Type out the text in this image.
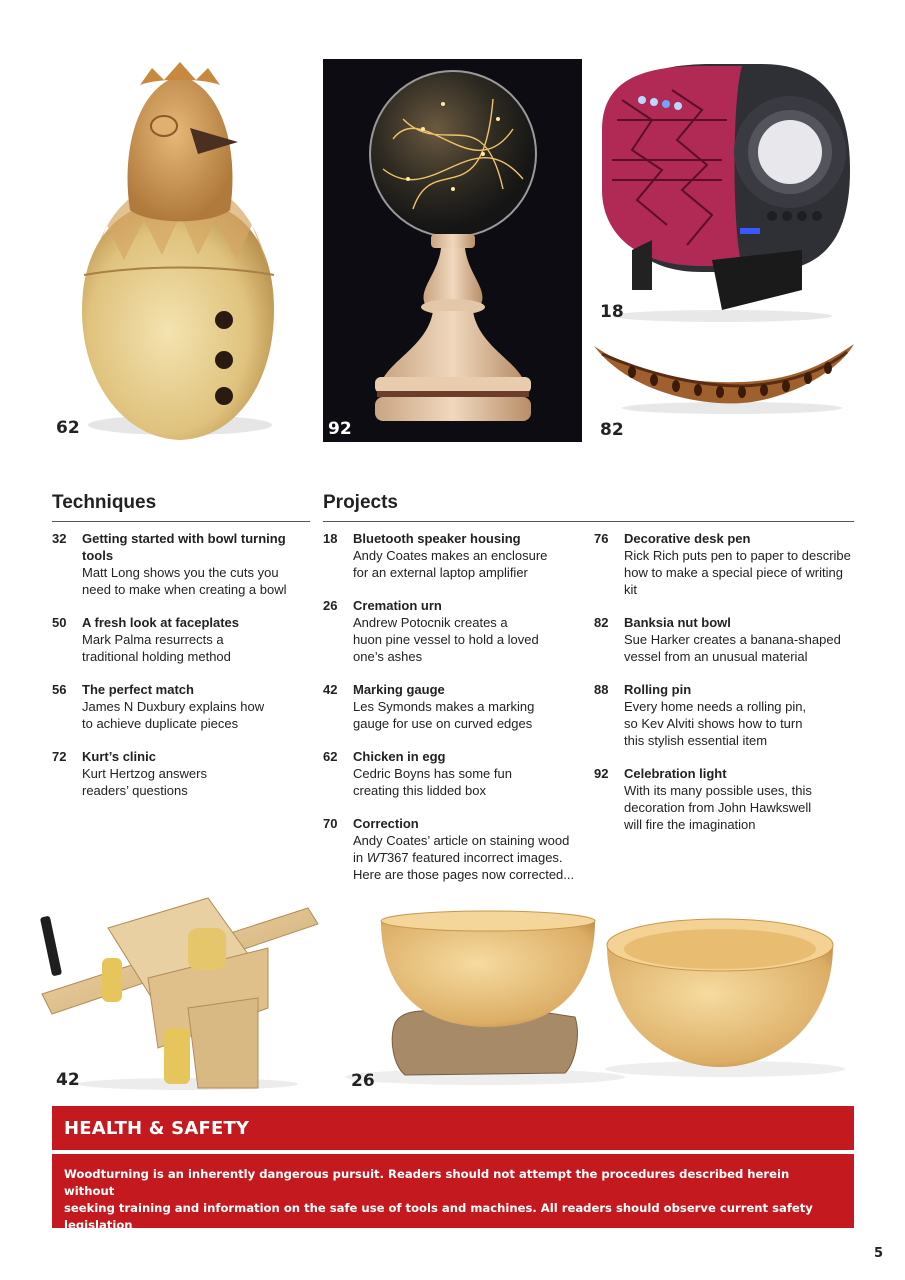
62	92
18
82
Techniques	Projects
32	Getting started with bowl turning tools
Matt Long shows you the cuts you
need to make when creating a bowl
50	A fresh look at faceplates
Mark Palma resurrects a
traditional holding method
56	The perfect match
James N Duxbury explains how
to achieve duplicate pieces
72	Kurt’s clinic
Kurt Hertzog answers
readers’ questions
18	Bluetooth speaker housing
Andy Coates makes an enclosure
for an external laptop amplifier
26	Cremation urn
Andrew Potocnik creates a
huon pine vessel to hold a loved
one’s ashes
42	Marking gauge
Les Symonds makes a marking
gauge for use on curved edges
62	Chicken in egg
Cedric Boyns has some fun
creating this lidded box
70	Correction
Andy Coates’ article on staining wood
in WT367 featured incorrect images.
Here are those pages now corrected...
76	Decorative desk pen
Rick Rich puts pen to paper to describe
how to make a special piece of writing kit
82	Banksia nut bowl
Sue Harker creates a banana-shaped
vessel from an unusual material
88	Rolling pin
Every home needs a rolling pin,
so Kev Alviti shows how to turn
this stylish essential item
92	Celebration light
With its many possible uses, this
decoration from John Hawkswell
will fire the imagination
42	26
HEALTH & SAFETY

Woodturning is an inherently dangerous pursuit. Readers should not attempt the procedures described herein without
seeking training and information on the safe use of tools and machines. All readers should observe current safety legislation
when turning and wear appropriate personal protective equipment (PPE) and respiratory protective equipment (RPE).

5
